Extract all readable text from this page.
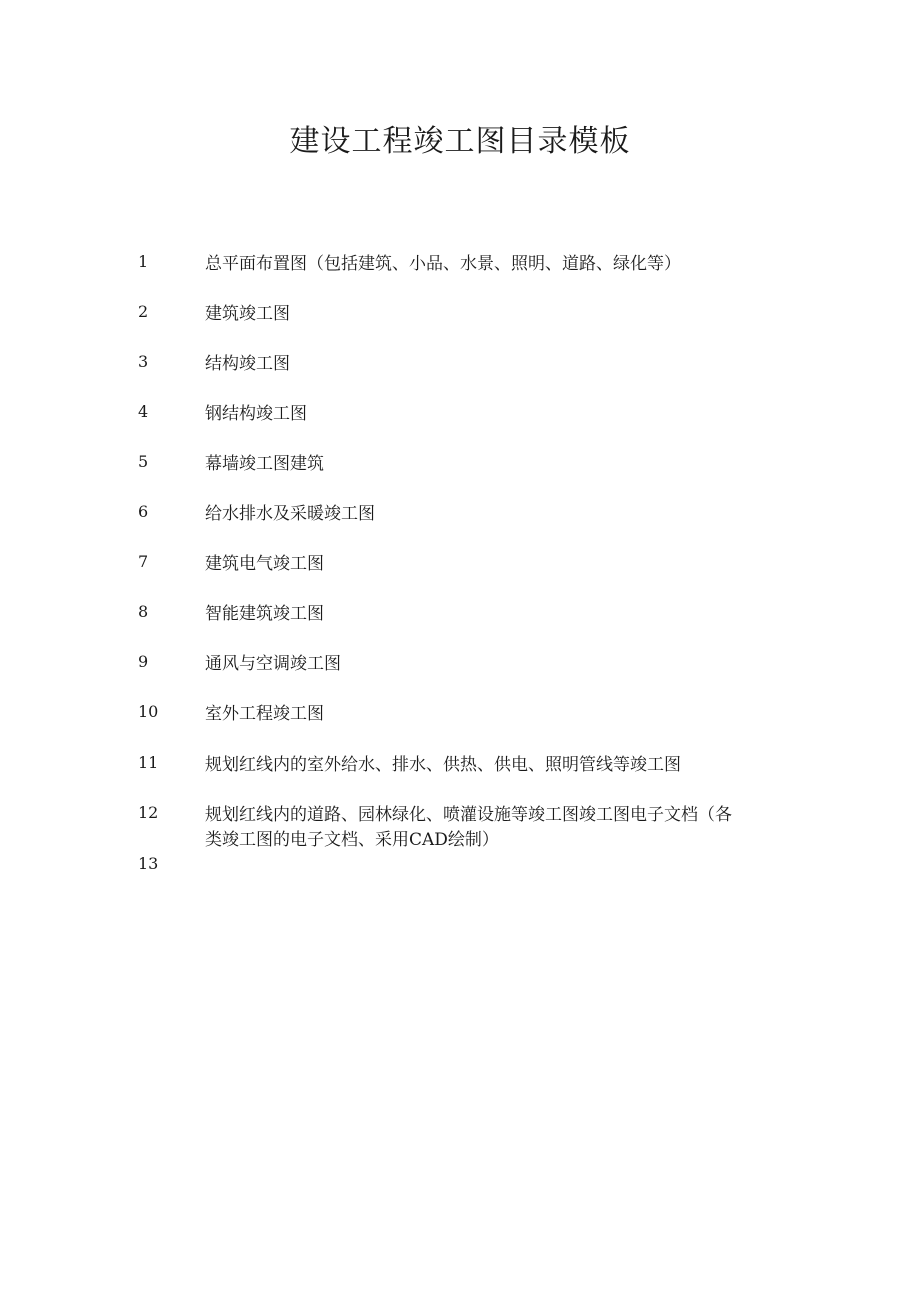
建设工程竣工图目录模板
1	总平面布置图（包括建筑、小品、水景、照明、道路、绿化等）
2	建筑竣工图
3	结构竣工图
4	钢结构竣工图
5	幕墙竣工图建筑
6	给水排水及采暖竣工图
7	建筑电气竣工图
8	智能建筑竣工图
9	通风与空调竣工图
10	室外工程竣工图
11	规划红线内的室外给水、排水、供热、供电、照明管线等竣工图
12	规划红线内的道路、园林绿化、喷灌设施等竣工图竣工图电子文档（各类竣工图的电子文档、采用CAD绘制）
13
